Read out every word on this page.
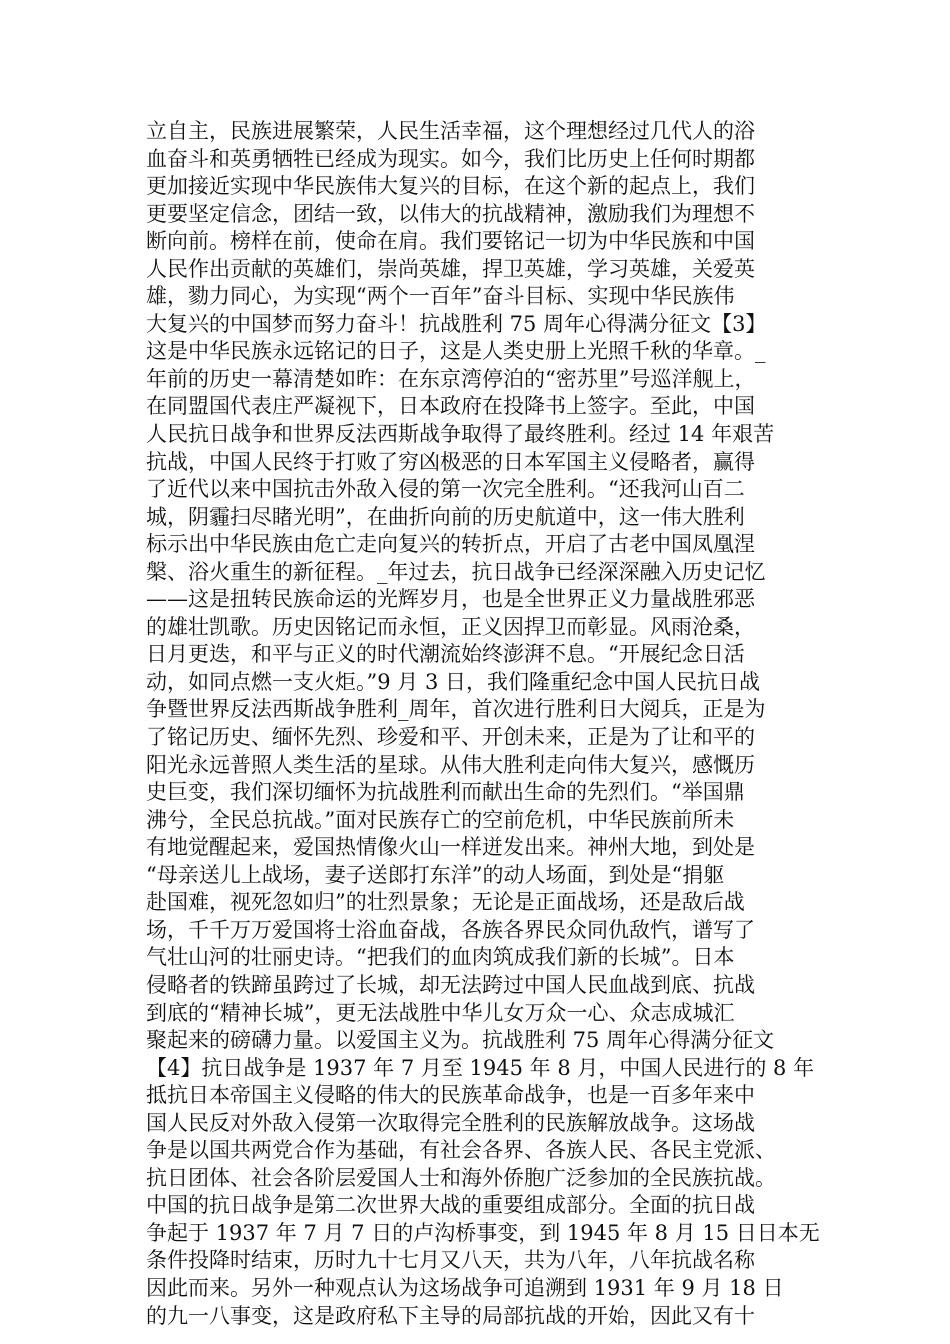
立自主，民族进展繁荣，人民生活幸福，这个理想经过几代人的浴
血奋斗和英勇牺牲已经成为现实。如今，我们比历史上任何时期都
更加接近实现中华民族伟大复兴的目标，在这个新的起点上，我们
更要坚定信念，团结一致，以伟大的抗战精神，激励我们为理想不
断向前。榜样在前，使命在肩。我们要铭记一切为中华民族和中国
人民作出贡献的英雄们，崇尚英雄，捍卫英雄，学习英雄，关爱英
雄，勠力同心，为实现“两个一百年”奋斗目标、实现中华民族伟
大复兴的中国梦而努力奋斗！抗战胜利 75 周年心得满分征文【3】
这是中华民族永远铭记的日子，这是人类史册上光照千秋的华章。_
年前的历史一幕清楚如昨：在东京湾停泊的“密苏里”号巡洋舰上，
在同盟国代表庄严凝视下，日本政府在投降书上签字。至此，中国
人民抗日战争和世界反法西斯战争取得了最终胜利。经过 14 年艰苦
抗战，中国人民终于打败了穷凶极恶的日本军国主义侵略者，赢得
了近代以来中国抗击外敌入侵的第一次完全胜利。“还我河山百二
城，阴霾扫尽睹光明”，在曲折向前的历史航道中，这一伟大胜利
标示出中华民族由危亡走向复兴的转折点，开启了古老中国凤凰涅
槃、浴火重生的新征程。_年过去，抗日战争已经深深融入历史记忆
——这是扭转民族命运的光辉岁月，也是全世界正义力量战胜邪恶
的雄壮凯歌。历史因铭记而永恒，正义因捍卫而彰显。风雨沧桑，
日月更迭，和平与正义的时代潮流始终澎湃不息。“开展纪念日活
动，如同点燃一支火炬。”9 月 3 日，我们隆重纪念中国人民抗日战
争暨世界反法西斯战争胜利_周年，首次进行胜利日大阅兵，正是为
了铭记历史、缅怀先烈、珍爱和平、开创未来，正是为了让和平的
阳光永远普照人类生活的星球。从伟大胜利走向伟大复兴，感慨历
史巨变，我们深切缅怀为抗战胜利而献出生命的先烈们。“举国鼎
沸兮，全民总抗战。”面对民族存亡的空前危机，中华民族前所未
有地觉醒起来，爱国热情像火山一样迸发出来。神州大地，到处是
“母亲送儿上战场，妻子送郎打东洋”的动人场面，到处是“捐躯
赴国难，视死忽如归”的壮烈景象；无论是正面战场，还是敌后战
场，千千万万爱国将士浴血奋战，各族各界民众同仇敌忾，谱写了
气壮山河的壮丽史诗。“把我们的血肉筑成我们新的长城”。日本
侵略者的铁蹄虽跨过了长城，却无法跨过中国人民血战到底、抗战
到底的“精神长城”，更无法战胜中华儿女万众一心、众志成城汇
聚起来的磅礴力量。以爱国主义为。抗战胜利 75 周年心得满分征文
【4】抗日战争是 1937 年 7 月至 1945 年 8 月，中国人民进行的 8 年
抵抗日本帝国主义侵略的伟大的民族革命战争，也是一百多年来中
国人民反对外敌入侵第一次取得完全胜利的民族解放战争。这场战
争是以国共两党合作为基础，有社会各界、各族人民、各民主党派、
抗日团体、社会各阶层爱国人士和海外侨胞广泛参加的全民族抗战。
中国的抗日战争是第二次世界大战的重要组成部分。全面的抗日战
争起于 1937 年 7 月 7 日的卢沟桥事变，到 1945 年 8 月 15 日日本无
条件投降时结束，历时九十七月又八天，共为八年，八年抗战名称
因此而来。另外一种观点认为这场战争可追溯到 1931 年 9 月 18 日
的九一八事变，这是政府私下主导的局部抗战的开始，因此又有十
